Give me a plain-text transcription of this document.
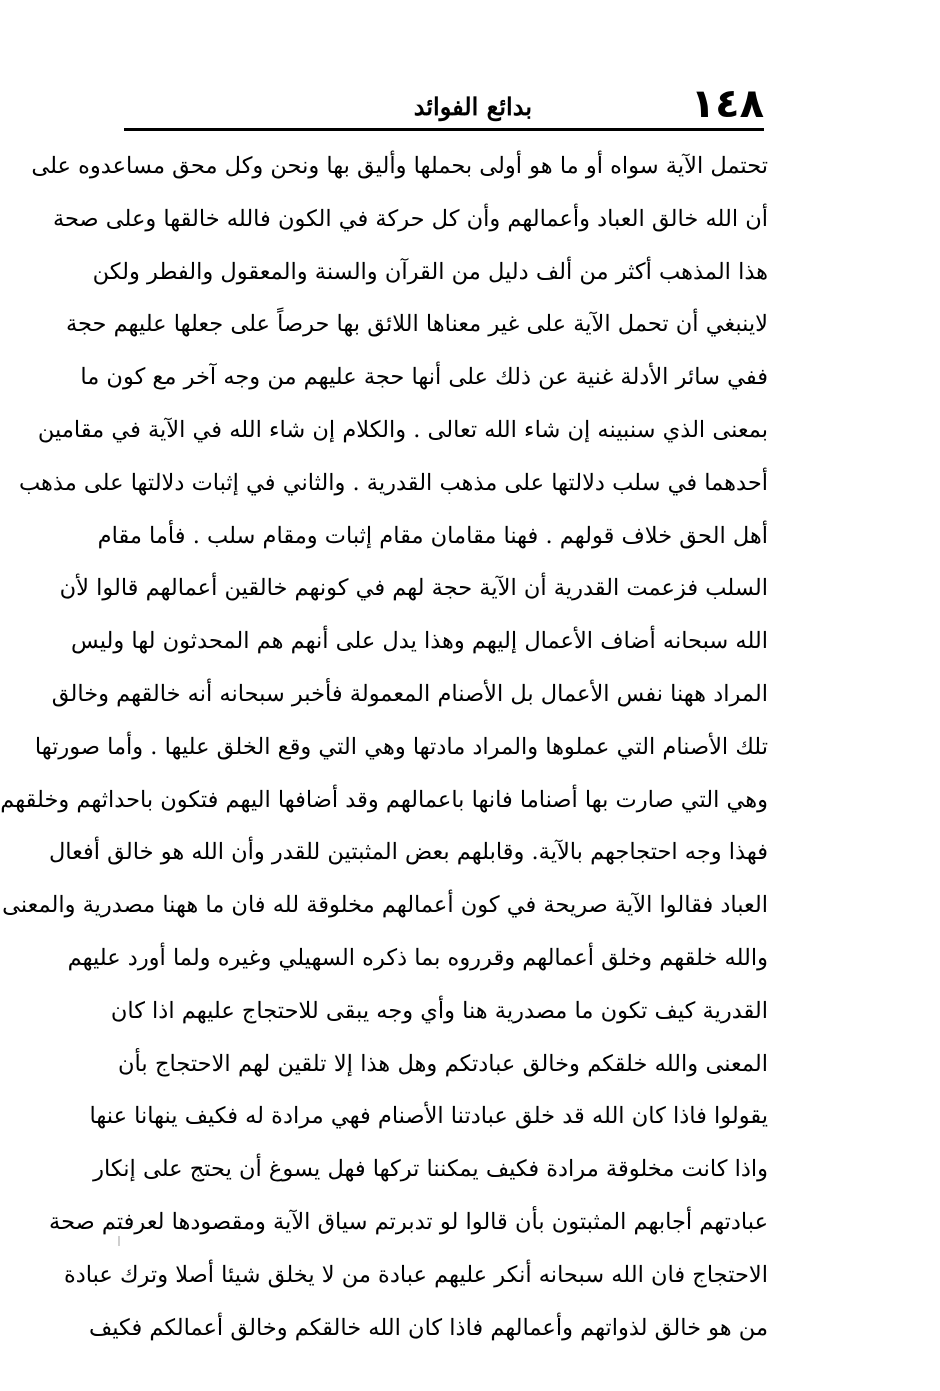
١٤٨
بدائع الفوائد
تحتمل الآية سواه أو ما هو أولى بحملها وأليق بها ونحن وكل محق مساعدوه على
أن الله خالق العباد وأعمالهم وأن كل حركة في الكون فالله خالقها وعلى صحة
هذا المذهب أكثر من ألف دليل من القرآن والسنة والمعقول والفطر ولكن
لاينبغي أن تحمل الآية على غير معناها اللائق بها حرصاً على جعلها عليهم حجة
ففي سائر الأدلة غنية عن ذلك على أنها حجة عليهم من وجه آخر مع كون ما
بمعنى الذي سنبينه إن شاء الله تعالى . والكلام إن شاء الله في الآية في مقامين
أحدهما في سلب دلالتها على مذهب القدرية . والثاني في إثبات دلالتها على مذهب
أهل الحق خلاف قولهم . فهنا مقامان مقام إثبات ومقام سلب . فأما مقام
السلب فزعمت القدرية أن الآية حجة لهم في كونهم خالقين أعمالهم قالوا لأن
الله سبحانه أضاف الأعمال إليهم وهذا يدل على أنهم هم المحدثون لها وليس
المراد ههنا نفس الأعمال بل الأصنام المعمولة فأخبر سبحانه أنه خالقهم وخالق
تلك الأصنام التي عملوها والمراد مادتها وهي التي وقع الخلق عليها . وأما صورتها
وهي التي صارت بها أصناما فانها باعمالهم وقد أضافها اليهم فتكون باحداثهم وخلقهم
فهذا وجه احتجاجهم بالآية. وقابلهم بعض المثبتين للقدر وأن الله هو خالق أفعال
العباد فقالوا الآية صريحة في كون أعمالهم مخلوقة لله فان ما ههنا مصدرية والمعنى
والله خلقهم وخلق أعمالهم وقرروه بما ذكره السهيلي وغيره ولما أورد عليهم
القدرية كيف تكون ما مصدرية هنا وأي وجه يبقى للاحتجاج عليهم اذا كان
المعنى والله خلقكم وخالق عبادتكم وهل هذا إلا تلقين لهم الاحتجاج بأن
يقولوا فاذا كان الله قد خلق عبادتنا الأصنام فهي مرادة له فكيف ينهانا عنها
واذا كانت مخلوقة مرادة فكيف يمكننا تركها فهل يسوغ أن يحتج على إنكار
عبادتهم أجابهم المثبتون بأن قالوا لو تدبرتم سياق الآية ومقصودها لعرفتم صحة
الاحتجاج فان الله سبحانه أنكر عليهم عبادة من لا يخلق شيئا أصلا وترك عبادة
من هو خالق لذواتهم وأعمالهم فاذا كان الله خالقكم وخالق أعمالكم فكيف
